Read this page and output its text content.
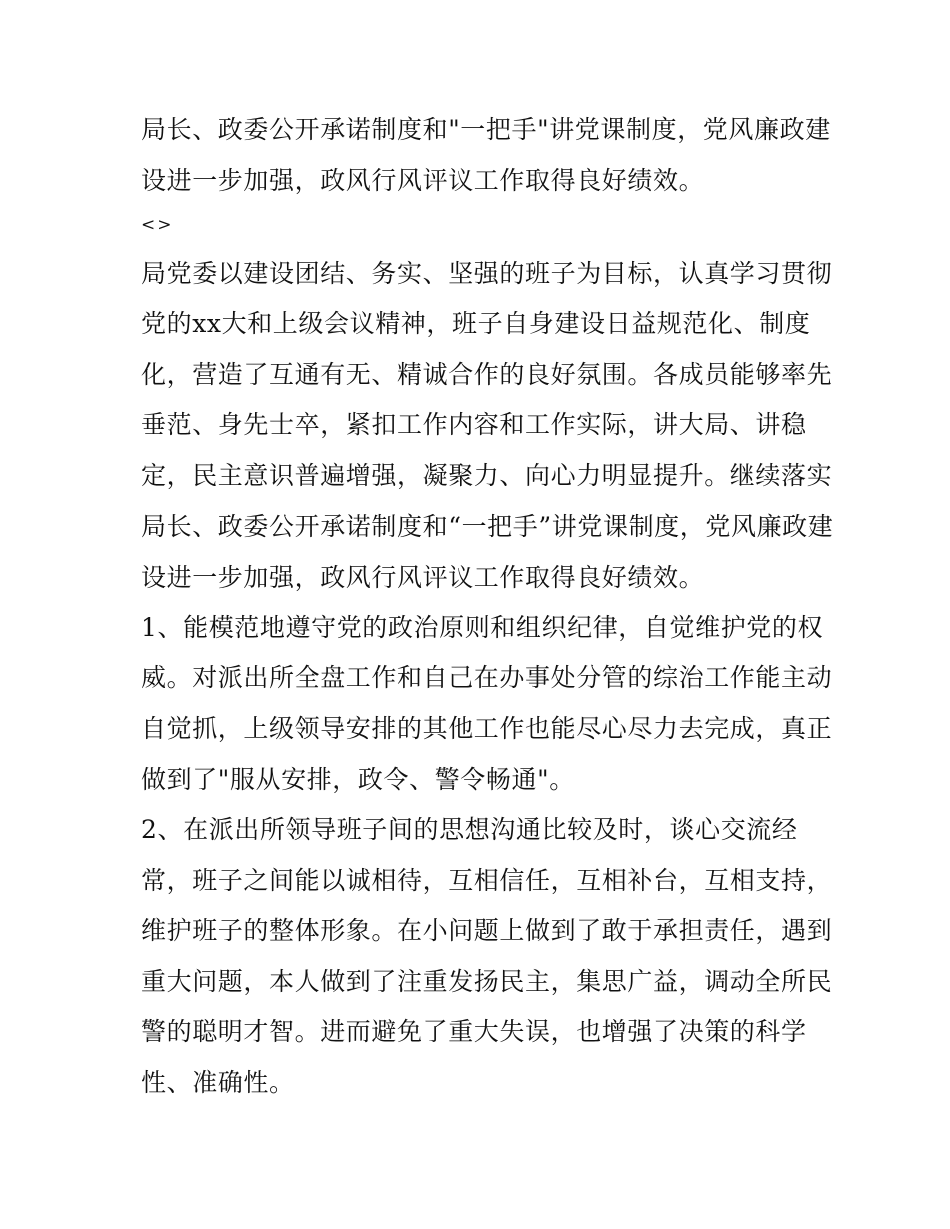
局长、政委公开承诺制度和"一把手"讲党课制度，党风廉政建
设进一步加强，政风行风评议工作取得良好绩效。
<>
局党委以建设团结、务实、坚强的班子为目标，认真学习贯彻
党的xx大和上级会议精神，班子自身建设日益规范化、制度
化，营造了互通有无、精诚合作的良好氛围。各成员能够率先
垂范、身先士卒，紧扣工作内容和工作实际，讲大局、讲稳
定，民主意识普遍增强，凝聚力、向心力明显提升。继续落实
局长、政委公开承诺制度和“一把手”讲党课制度，党风廉政建
设进一步加强，政风行风评议工作取得良好绩效。
1、能模范地遵守党的政治原则和组织纪律，自觉维护党的权
威。对派出所全盘工作和自己在办事处分管的综治工作能主动
自觉抓，上级领导安排的其他工作也能尽心尽力去完成，真正
做到了"服从安排，政令、警令畅通"。
2、在派出所领导班子间的思想沟通比较及时，谈心交流经
常，班子之间能以诚相待，互相信任，互相补台，互相支持，
维护班子的整体形象。在小问题上做到了敢于承担责任，遇到
重大问题，本人做到了注重发扬民主，集思广益，调动全所民
警的聪明才智。进而避免了重大失误，也增强了决策的科学
性、准确性。
